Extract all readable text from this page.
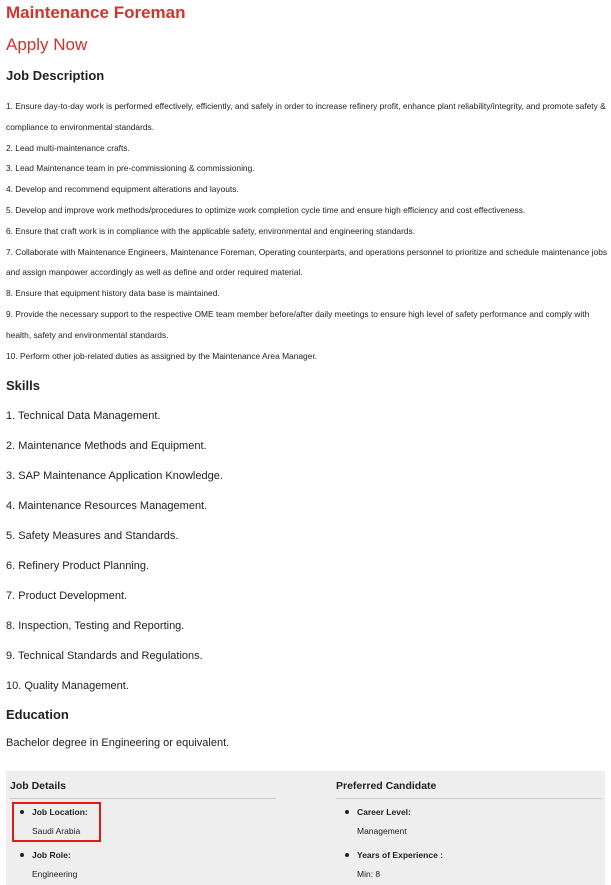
Maintenance Foreman
Apply Now
Job Description
1. Ensure day-to-day work is performed effectively, efficiently, and safely in order to increase refinery profit, enhance plant reliability/integrity, and promote safety & compliance to environmental standards.
2. Lead multi-maintenance crafts.
3. Lead Maintenance team in pre-commissioning & commissioning.
4. Develop and recommend equipment alterations and layouts.
5. Develop and improve work methods/procedures to optimize work completion cycle time and ensure high efficiency and cost effectiveness.
6. Ensure that craft work is in compliance with the applicable safety, environmental and engineering standards.
7. Collaborate with Maintenance Engineers, Maintenance Foreman, Operating counterparts, and operations personnel to prioritize and schedule maintenance jobs and assign manpower accordingly as well as define and order required material.
8. Ensure that equipment history data base is maintained.
9. Provide the necessary support to the respective OME team member before/after daily meetings to ensure high level of safety performance and comply with health, safety and environmental standards.
10. Perform other job-related duties as assigned by the Maintenance Area Manager.
Skills
1. Technical Data Management.
2. Maintenance Methods and Equipment.
3. SAP Maintenance Application Knowledge.
4. Maintenance Resources Management.
5. Safety Measures and Standards.
6. Refinery Product Planning.
7. Product Development.
8. Inspection, Testing and Reporting.
9. Technical Standards and Regulations.
10. Quality Management.
Education
Bachelor degree in Engineering or equivalent.
Job Details	Preferred Candidate
Job Location:
Saudi Arabia
Job Role:
Engineering
Career Level:
Management
Years of Experience :
Min: 8
